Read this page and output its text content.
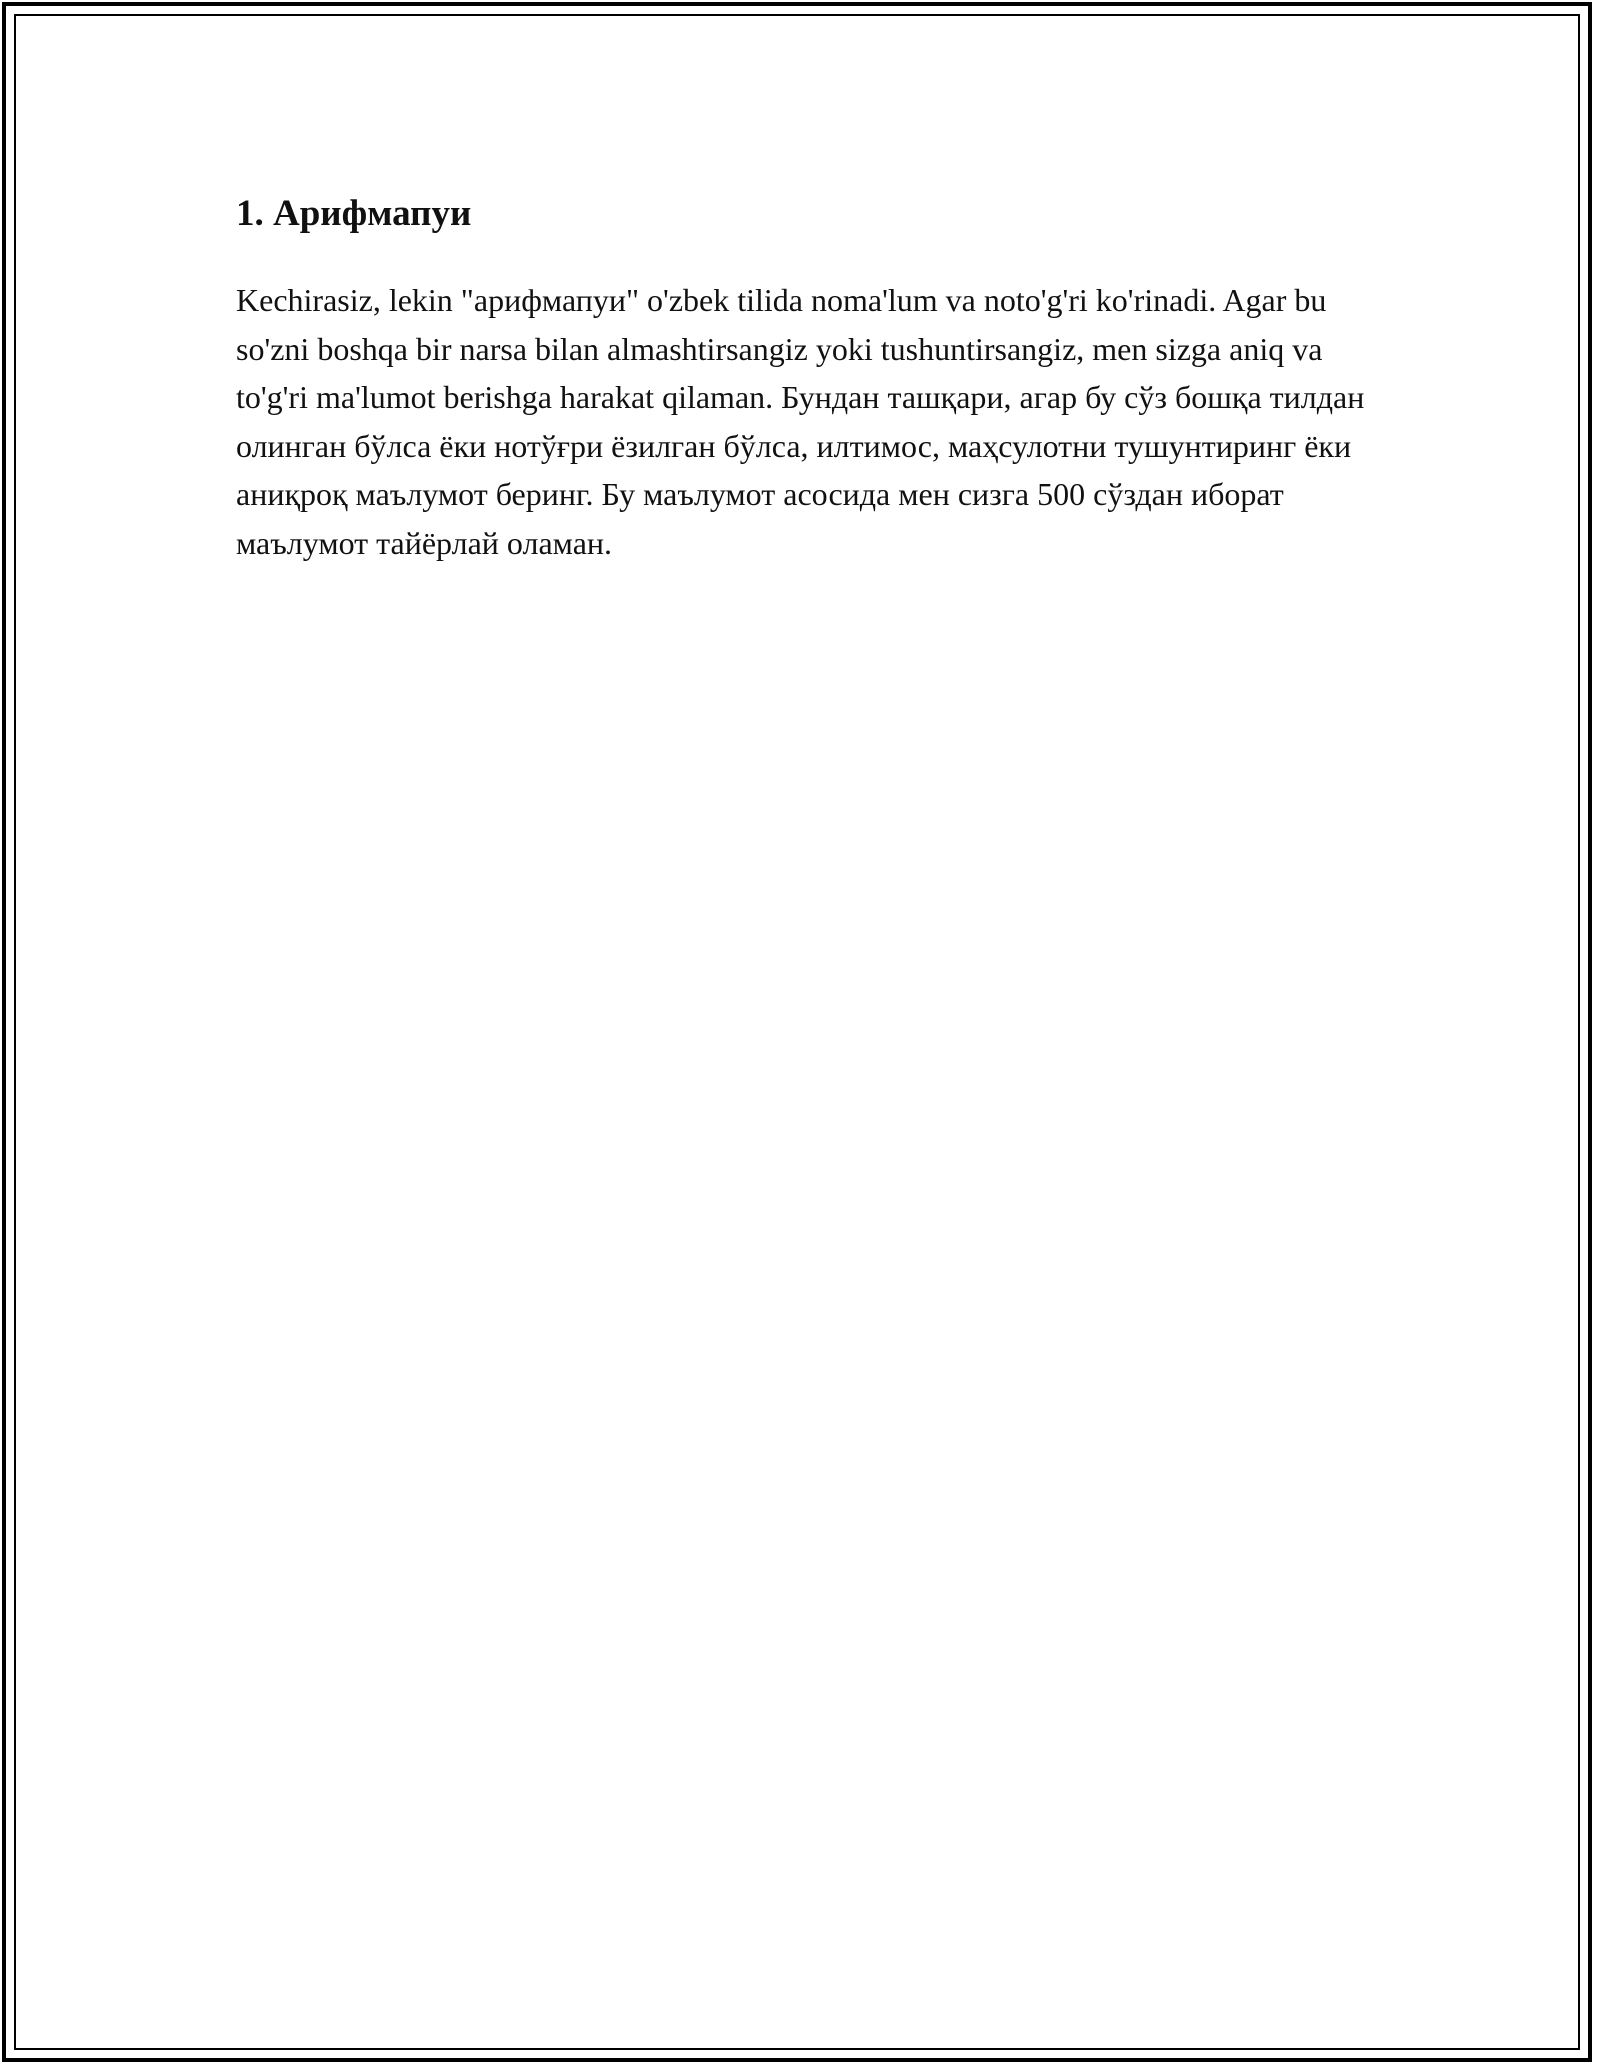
1. Арифмапуи

Kechirasiz, lekin "арифмапуи" o'zbek tilida noma'lum va noto'g'ri ko'rinadi. Agar bu so'zni boshqa bir narsa bilan almashtirsangiz yoki tushuntirsangiz, men sizga aniq va to'g'ri ma'lumot berishga harakat qilaman. Бундан ташқари, агар бу сўз бошқа тилдан олинган бўлса ёки нотўғри ёзилган бўлса, илтимос, маҳсулотни тушунтиринг ёки аниқроқ маълумот беринг. Бу маълумот асосида мен сизга 500 сўздан иборат маълумот тайёрлай оламан.
